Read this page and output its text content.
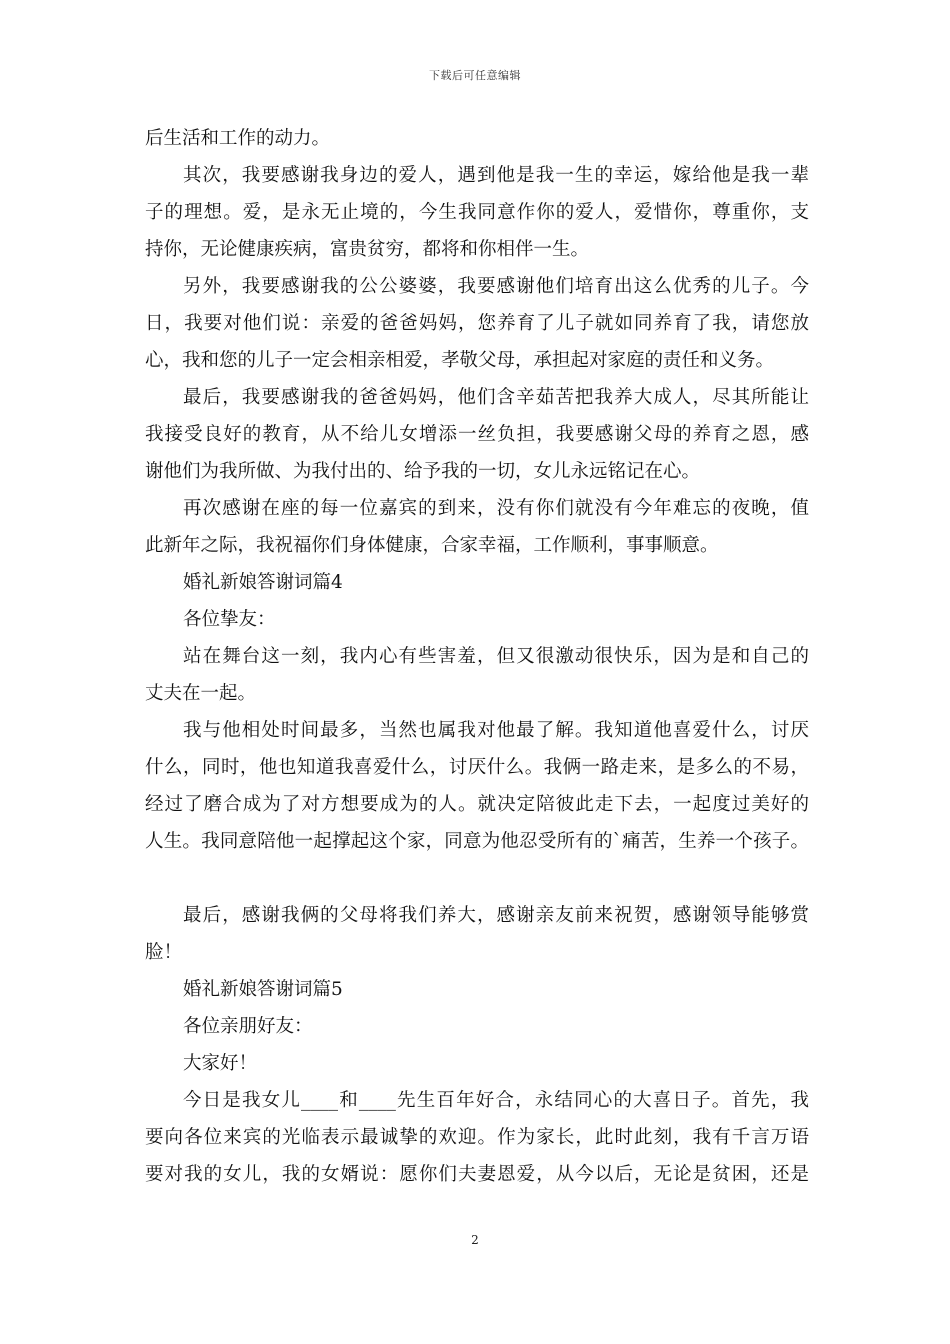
下载后可任意编辑
后生活和工作的动力。
其次，我要感谢我身边的爱人，遇到他是我一生的幸运，嫁给他是我一辈
子的理想。爱，是永无止境的，今生我同意作你的爱人，爱惜你，尊重你，支
持你，无论健康疾病，富贵贫穷，都将和你相伴一生。
另外，我要感谢我的公公婆婆，我要感谢他们培育出这么优秀的儿子。今
日，我要对他们说：亲爱的爸爸妈妈，您养育了儿子就如同养育了我，请您放
心，我和您的儿子一定会相亲相爱，孝敬父母，承担起对家庭的责任和义务。
最后，我要感谢我的爸爸妈妈，他们含辛茹苦把我养大成人，尽其所能让
我接受良好的教育，从不给儿女增添一丝负担，我要感谢父母的养育之恩，感
谢他们为我所做、为我付出的、给予我的一切，女儿永远铭记在心。
再次感谢在座的每一位嘉宾的到来，没有你们就没有今年难忘的夜晚，值
此新年之际，我祝福你们身体健康，合家幸福，工作顺利，事事顺意。
婚礼新娘答谢词篇4
各位挚友：
站在舞台这一刻，我内心有些害羞，但又很激动很快乐，因为是和自己的
丈夫在一起。
我与他相处时间最多，当然也属我对他最了解。我知道他喜爱什么，讨厌
什么，同时，他也知道我喜爱什么，讨厌什么。我俩一路走来，是多么的不易，
经过了磨合成为了对方想要成为的人。就决定陪彼此走下去，一起度过美好的
人生。我同意陪他一起撑起这个家，同意为他忍受所有的`痛苦，生养一个孩子。
最后，感谢我俩的父母将我们养大，感谢亲友前来祝贺，感谢领导能够赏
脸！
婚礼新娘答谢词篇5
各位亲朋好友：
大家好！
今日是我女儿____和____先生百年好合，永结同心的大喜日子。首先，我
要向各位来宾的光临表示最诚挚的欢迎。作为家长，此时此刻，我有千言万语
要对我的女儿，我的女婿说：愿你们夫妻恩爱，从今以后，无论是贫困，还是
2
